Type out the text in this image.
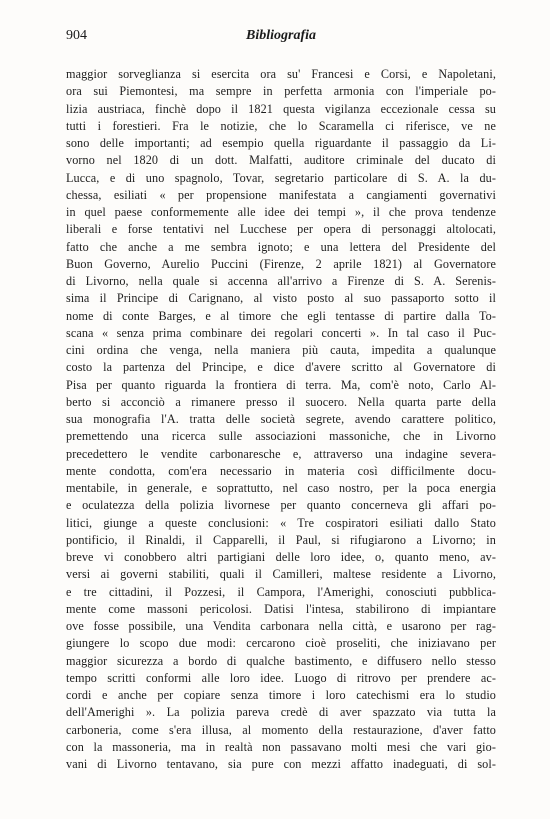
904	Bibliografia
maggior sorveglianza si esercita ora su' Francesi e Corsi, e Napoletani,
ora sui Piemontesi, ma sempre in perfetta armonia con l'imperiale po-
lizia austriaca, finchè dopo il 1821 questa vigilanza eccezionale cessa su
tutti i forestieri. Fra le notizie, che lo Scaramella ci riferisce, ve ne
sono delle importanti; ad esempio quella riguardante il passaggio da Li-
vorno nel 1820 di un dott. Malfatti, auditore criminale del ducato di
Lucca, e di uno spagnolo, Tovar, segretario particolare di S. A. la du-
chessa, esiliati « per propensione manifestata a cangiamenti governativi
in quel paese conformemente alle idee dei tempi », il che prova tendenze
liberali e forse tentativi nel Lucchese per opera di personaggi altolocati,
fatto che anche a me sembra ignoto; e una lettera del Presidente del
Buon Governo, Aurelio Puccini (Firenze, 2 aprile 1821) al Governatore
di Livorno, nella quale si accenna all'arrivo a Firenze di S. A. Serenis-
sima il Principe di Carignano, al visto posto al suo passaporto sotto il
nome di conte Barges, e al timore che egli tentasse di partire dalla To-
scana « senza prima combinare dei regolari concerti ». In tal caso il Puc-
cini ordina che venga, nella maniera più cauta, impedita a qualunque
costo la partenza del Principe, e dice d'avere scritto al Governatore di
Pisa per quanto riguarda la frontiera di terra. Ma, com'è noto, Carlo Al-
berto si acconciò a rimanere presso il suocero. Nella quarta parte della
sua monografia l'A. tratta delle società segrete, avendo carattere politico,
premettendo una ricerca sulle associazioni massoniche, che in Livorno
precedettero le vendite carbonaresche e, attraverso una indagine severa-
mente condotta, com'era necessario in materia così difficilmente docu-
mentabile, in generale, e soprattutto, nel caso nostro, per la poca energia
e oculatezza della polizia livornese per quanto concerneva gli affari po-
litici, giunge a queste conclusioni: « Tre cospiratori esiliati dallo Stato
pontificio, il Rinaldi, il Capparelli, il Paul, si rifugiarono a Livorno; in
breve vi conobbero altri partigiani delle loro idee, o, quanto meno, av-
versi ai governi stabiliti, quali il Camilleri, maltese residente a Livorno,
e tre cittadini, il Pozzesi, il Campora, l'Amerighi, conosciuti pubblica-
mente come massoni pericolosi. Datisi l'intesa, stabilirono di impiantare
ove fosse possibile, una Vendita carbonara nella città, e usarono per rag-
giungere lo scopo due modi: cercarono cioè proseliti, che iniziavano per
maggior sicurezza a bordo di qualche bastimento, e diffusero nello stesso
tempo scritti conformi alle loro idee. Luogo di ritrovo per prendere ac-
cordi e anche per copiare senza timore i loro catechismi era lo studio
dell'Amerighi ». La polizia pareva credè di aver spazzato via tutta la
carboneria, come s'era illusa, al momento della restaurazione, d'aver fatto
con la massoneria, ma in realtà non passavano molti mesi che vari gio-
vani di Livorno tentavano, sia pure con mezzi affatto inadeguati, di sol-
